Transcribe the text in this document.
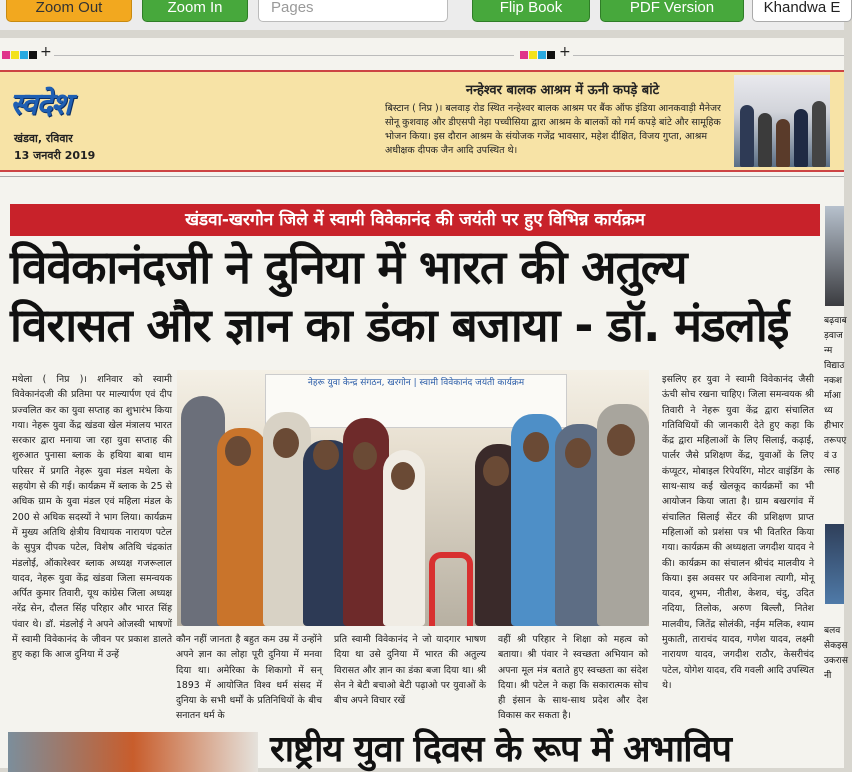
Zoom Out	Zoom In	Pages	Flip Book	PDF Version	Khandwa E
+	+
स्वदेश
खंडवा, रविवार
13 जनवरी 2019
नन्हेश्वर बालक आश्रम में ऊनी कपड़े बांटे
बिस्टान ( निप्र )। बलवाड़ रोड स्थित नन्हेश्वर बालक आश्रम पर बैंक ऑफ इंडिया आनकवाड़ी मैनेजर सोनू कुशवाह और डीएसपी नेहा पच्चीसिया द्वारा आश्रम के बालकों को गर्म कपड़े बांटे और सामूहिक भोजन किया। इस दौरान आश्रम के संयोजक गजेंद्र भावसार, महेश दीक्षित, विजय गुप्ता, आश्रम अधीक्षक दीपक जैन आदि उपस्थित थे।
खंडवा-खरगोन जिले में स्वामी विवेकानंद की जयंती पर हुए विभिन्न कार्यक्रम
विवेकानंदजी ने दुनिया में भारत की अतुल्य
विरासत और ज्ञान का डंका बजाया - डॉ. मंडलोई
मथेला ( निप्र )। शनिवार को स्वामी विवेकानंदजी की प्रतिमा पर माल्यार्पण एवं दीप प्रज्वलित कर का युवा सप्ताह का शुभारंभ किया गया। नेहरू युवा केंद्र खंडवा खेल मंत्रालय भारत सरकार द्वारा मनाया जा रहा युवा सप्ताह की शुरुआत पुनासा ब्लाक के हथिया बाबा धाम परिसर में प्रगति नेहरू युवा मंडल मथेला के सहयोग से की गई। कार्यक्रम में ब्लाक के 25 से अधिक ग्राम के युवा मंडल एवं महिला मंडल के 200 से अधिक सदस्यों ने भाग लिया। कार्यक्रम में मुख्य अतिथि क्षेत्रीय विधायक नारायण पटेल के सुपुत्र दीपक पटेल, विशेष अतिथि चंद्रकांत मंडलोई, ऑकारेश्वर ब्लाक अध्यक्ष गजरूलाल यादव, नेहरू युवा केंद्र खंडवा जिला समन्वयक अर्पित कुमार तिवारी, यूथ कांग्रेस जिला अध्यक्ष नरेंद्र सेन, दौलत सिंह परिहार और भारत सिंह पंवार थे। डॉ. मंडलोई ने अपने ओजस्वी भाषणों में स्वामी विवेकानंद के जीवन पर प्रकाश डालते हुए कहा कि आज दुनिया में उन्हें
नेहरू युवा केन्द्र संगठन, खरगोन | स्वामी विवेकानंद जयंती कार्यक्रम
कौन नहीं जानता है बहुत कम उम्र में उन्होंने अपने ज्ञान का लोहा पूरी दुनिया में मनवा दिया था। अमेरिका के शिकागो में सन् 1893 में आयोजित विश्व धर्म संसद में दुनिया के सभी धर्मों के प्रतिनिधियों के बीच सनातन धर्म के
प्रति स्वामी विवेकानंद ने जो यादगार भाषण दिया था उसे दुनिया में भारत की अतुल्य विरासत और ज्ञान का डंका बजा दिया था। श्री सेन ने बेटी बचाओ बेटी पढ़ाओ पर युवाओं के बीच अपने विचार रखें
वहीं श्री परिहार ने शिक्षा को महत्व को बताया। श्री पंवार ने स्वच्छता अभियान को अपना मूल मंत्र बताते हुए स्वच्छता का संदेश दिया। श्री पटेल ने कहा कि सकारात्मक सोच ही इंसान के साथ-साथ प्रदेश और देश विकास कर सकता है।
इसलिए हर युवा ने स्वामी विवेकानंद जैसी ऊंची सोच रखना चाहिए। जिला समन्वयक श्री तिवारी ने नेहरू युवा केंद्र द्वारा संचालित गतिविधियों की जानकारी देते हुए कहा कि केंद्र द्वारा महिलाओं के लिए सिलाई, कढ़ाई, पार्लर जैसे प्रशिक्षण केंद्र, युवाओं के लिए कंप्यूटर, मोबाइल रिपेयरिंग, मोटर वाइंडिंग के साथ-साथ कई खेलकूद कार्यक्रमों का भी आयोजन किया जाता है। ग्राम बखरगांव में संचालित सिलाई सेंटर की प्रशिक्षण प्राप्त महिलाओं को प्रशंसा पत्र भी वितरित किया गया। कार्यक्रम की अध्यक्षता जगदीश यादव ने की। कार्यक्रम का संचालन श्रीचंद मालवीय ने किया। इस अवसर पर अविनाश त्यागी, मोनू यादव, शुभम, नीतीश, केशव, चंदु, उदित नदिया, तिलोक, अरुण बिल्लौ, नितेश मालवीय, जितेंद्र सोलंकी, नईम मलिक, श्याम मुकाती, ताराचंद यादव, गणेश यादव, लक्ष्मी नारायण यादव, जगदीश राठौर, केसरीचंद पटेल, योगेश यादव, रवि गवली आदि उपस्थित थे।
राष्ट्रीय युवा दिवस के रूप में अभाविप
बढ़वाबड़वाजन्मविद्याउनकशर्माआध्यहीभारतरूपएवं उत्साह
बलवसेकइस उकरासनी
